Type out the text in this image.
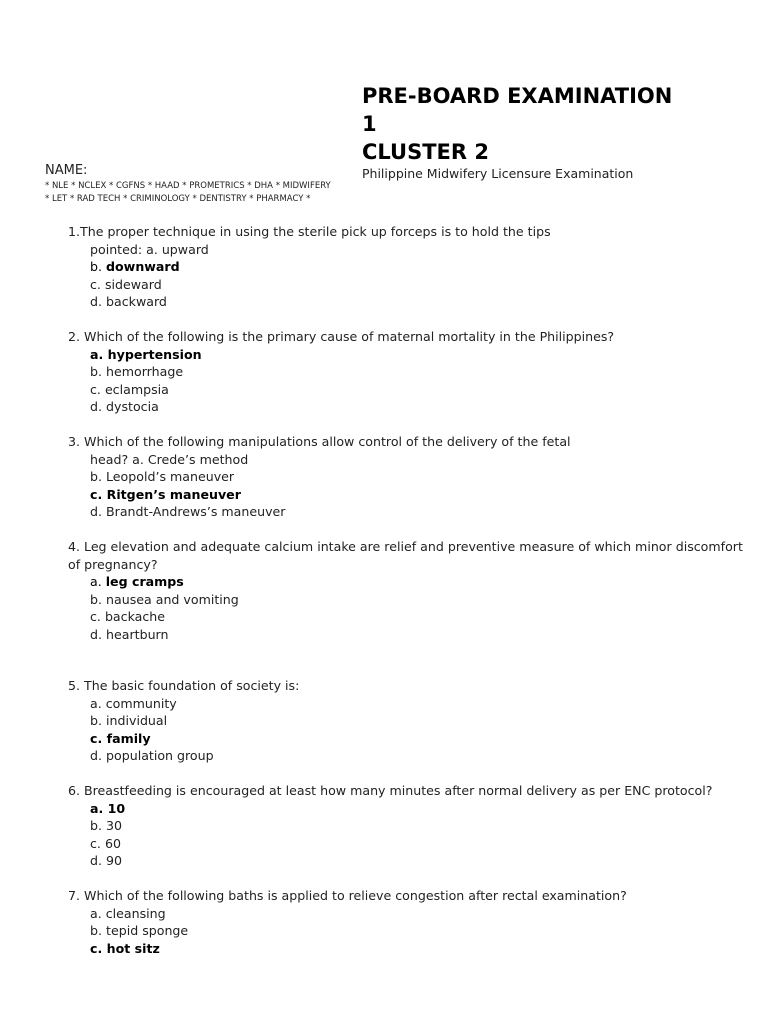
PRE-BOARD EXAMINATION
1
CLUSTER 2
Philippine Midwifery Licensure Examination
NAME:
* NLE * NCLEX * CGFNS * HAAD * PROMETRICS * DHA * MIDWIFERY
* LET * RAD TECH * CRIMINOLOGY * DENTISTRY * PHARMACY *
1.The proper technique in using the sterile pick up forceps is to hold the tips
pointed: a. upward
b. downward
c. sideward
d. backward
2. Which of the following is the primary cause of maternal mortality in the Philippines?
a. hypertension
b. hemorrhage
c. eclampsia
d. dystocia
3. Which of the following manipulations allow control of the delivery of the fetal
head? a. Crede’s method
b. Leopold’s maneuver
c. Ritgen’s maneuver
d. Brandt-Andrews’s maneuver
4. Leg elevation and adequate calcium intake are relief and preventive measure of which minor discomfort of pregnancy?
a. leg cramps
b. nausea and vomiting
c. backache
d. heartburn
5. The basic foundation of society is:
a. community
b. individual
c. family
d. population group
6. Breastfeeding is encouraged at least how many minutes after normal delivery as per ENC protocol?
a. 10
b. 30
c. 60
d. 90
7. Which of the following baths is applied to relieve congestion after rectal examination?
a. cleansing
b. tepid sponge
c. hot sitz
